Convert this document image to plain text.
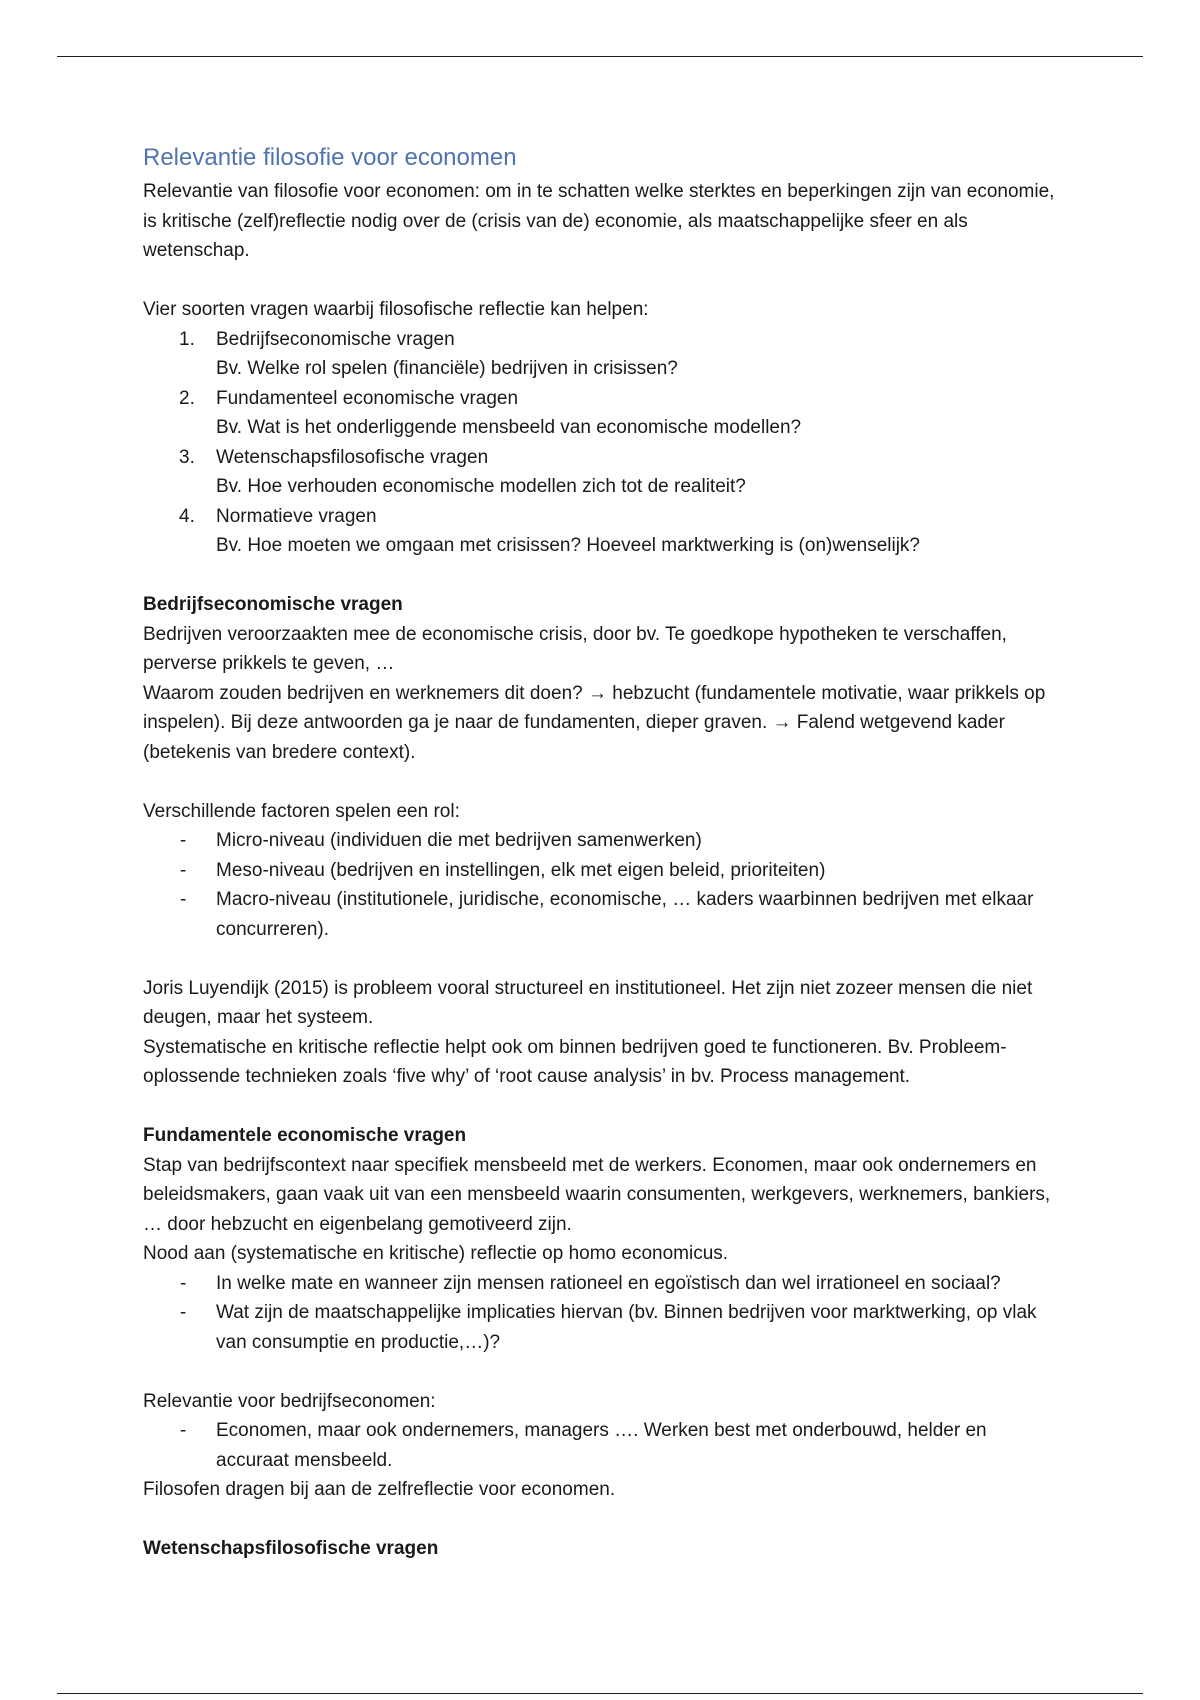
Relevantie filosofie voor economen

Relevantie van filosofie voor economen: om in te schatten welke sterktes en beperkingen zijn van economie, is kritische (zelf)reflectie nodig over de (crisis van de) economie, als maatschappelijke sfeer en als wetenschap.

Vier soorten vragen waarbij filosofische reflectie kan helpen:

1. Bedrijfseconomische vragen
Bv. Welke rol spelen (financiële) bedrijven in crisissen?
2. Fundamenteel economische vragen
Bv. Wat is het onderliggende mensbeeld van economische modellen?
3. Wetenschapsfilosofische vragen
Bv. Hoe verhouden economische modellen zich tot de realiteit?
4. Normatieve vragen
Bv. Hoe moeten we omgaan met crisissen? Hoeveel marktwerking is (on)wenselijk?
Bedrijfseconomische vragen

Bedrijven veroorzaakten mee de economische crisis, door bv. Te goedkope hypotheken te verschaffen, perverse prikkels te geven, …

Waarom zouden bedrijven en werknemers dit doen? → hebzucht (fundamentele motivatie, waar prikkels op inspelen). Bij deze antwoorden ga je naar de fundamenten, dieper graven. → Falend wetgevend kader (betekenis van bredere context).

Verschillende factoren spelen een rol:

- Micro-niveau (individuen die met bedrijven samenwerken)
- Meso-niveau (bedrijven en instellingen, elk met eigen beleid, prioriteiten)
- Macro-niveau (institutionele, juridische, economische, … kaders waarbinnen bedrijven met elkaar concurreren).

Joris Luyendijk (2015) is probleem vooral structureel en institutioneel. Het zijn niet zozeer mensen die niet deugen, maar het systeem.

Systematische en kritische reflectie helpt ook om binnen bedrijven goed te functioneren. Bv. Probleem-oplossende technieken zoals ‘five why’ of ‘root cause analysis’ in bv. Process management.

Fundamentele economische vragen

Stap van bedrijfscontext naar specifiek mensbeeld met de werkers. Economen, maar ook ondernemers en beleidsmakers, gaan vaak uit van een mensbeeld waarin consumenten, werkgevers, werknemers, bankiers, … door hebzucht en eigenbelang gemotiveerd zijn.

Nood aan (systematische en kritische) reflectie op homo economicus.

- In welke mate en wanneer zijn mensen rationeel en egoïstisch dan wel irrationeel en sociaal?
- Wat zijn de maatschappelijke implicaties hiervan (bv. Binnen bedrijven voor marktwerking, op vlak van consumptie en productie,…)?

Relevantie voor bedrijfseconomen:

- Economen, maar ook ondernemers, managers …. Werken best met onderbouwd, helder en accuraat mensbeeld.

Filosofen dragen bij aan de zelfreflectie voor economen.

Wetenschapsfilosofische vragen
